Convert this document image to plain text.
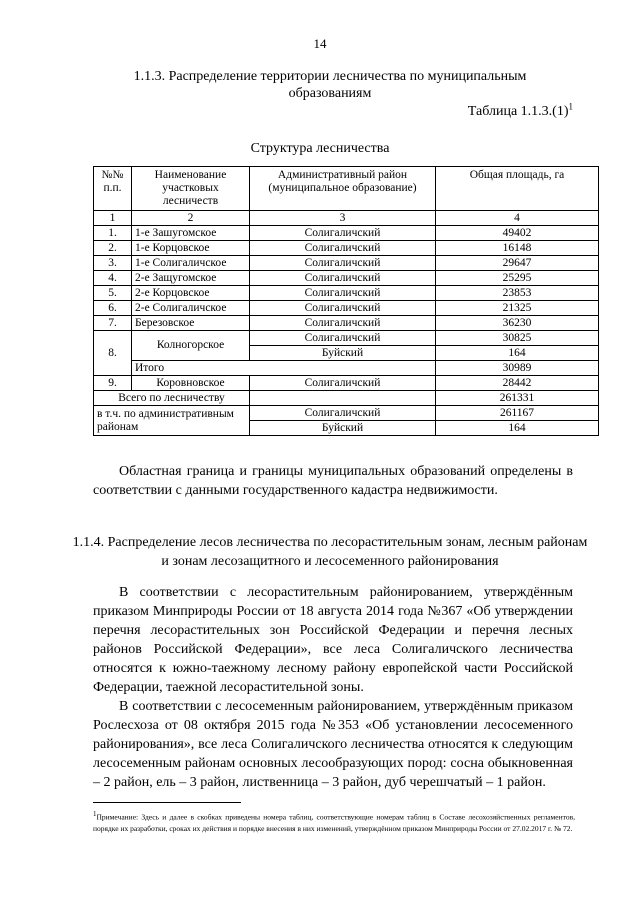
14
1.1.3. Распределение территории лесничества по муниципальным образованиям
Таблица $1.1.3.(1)^1$
Структура лесничества
№№ п.п.	Наименование участковых лесничеств	Административный район (муниципальное образование)	Общая площадь, га
1	2	3	4
1.	1-е Зашугомское	Солигаличский	49402
2.	1-е Корцовское	Солигаличский	16148
3.	1-е Солигаличское	Солигаличский	29647
4.	2-е Защугомское	Солигаличский	25295
5.	2-е Корцовское	Солигаличский	23853
6.	2-е Солигаличское	Солигаличский	21325
7.	Березовское	Солигаличский	36230
8.	Колногорское	Солигаличский	30825
		Буйский	164
	Итого		30989
9.	Коровновское	Солигаличский	28442
Всего по лесничеству			261331
в т.ч. по административным районам		Солигаличский	261167
		Буйский	164
Областная граница и границы муниципальных образований определены в соответствии с данными государственного кадастра недвижимости.
1.1.4. Распределение лесов лесничества по лесорастительным зонам, лесным районам и зонам лесозащитного и лесосеменного районирования
В соответствии с лесорастительным районированием, утверждённым приказом Минприроды России от 18 августа 2014 года №367 «Об утверждении перечня лесорастительных зон Российской Федерации и перечня лесных районов Российской Федерации», все леса Солигаличского лесничества относятся к южно-таежному лесному району европейской части Российской Федерации, таежной лесорастительной зоны.
В соответствии с лесосеменным районированием, утверждённым приказом Рослесхоза от 08 октября 2015 года №353 «Об установлении лесосеменного районирования», все леса Солигаличского лесничества относятся к следующим лесосеменным районам основных лесообразующих пород: сосна обыкновенная – 2 район, ель – 3 район, лиственница – 3 район, дуб черешчатый – 1 район.
$^1$Примечание: Здесь и далее в скобках приведены номера таблиц, соответствующие номерам таблиц в Составе лесохозяйственных регламентов, порядке их разработки, сроках их действия и порядке внесения в них изменений, утверждённом приказом Минприроды России от 27.02.2017 г. № 72.
